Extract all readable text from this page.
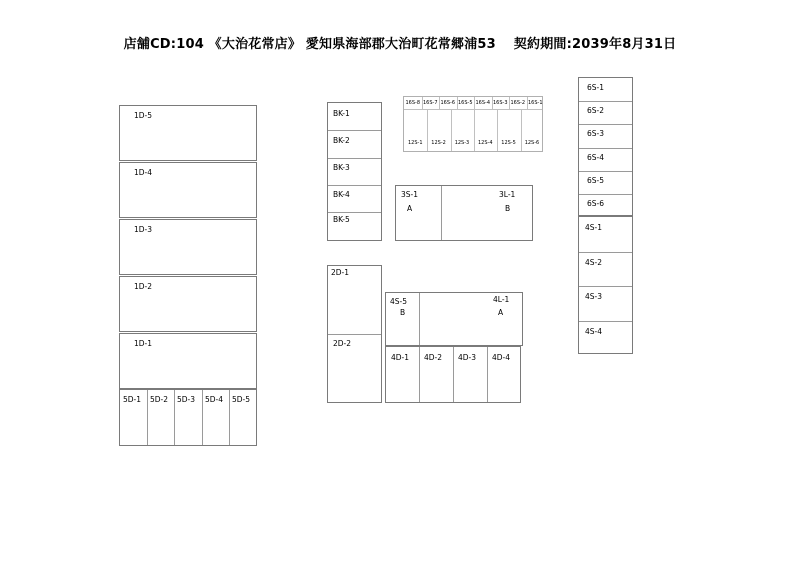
店舗CD:104 《大治花常店》 愛知県海部郡大治町花常郷浦53　 契約期間:2039年8月31日
1D-5
1D-4
1D-3
1D-2
1D-1
5D-1 5D-2 5D-3 5D-4 5D-5
BK-1
BK-2
BK-3
BK-4
BK-5
16S-8 16S-7 16S-6 16S-5 16S-4 16S-3 16S-2 16S-1
12S-1 12S-2 12S-3 12S-4 12S-5 12S-6
3S-1
A
3L-1
B
2D-1
2D-2
4S-5
B
4L-1
A
4D-1 4D-2 4D-3 4D-4
6S-1
6S-2
6S-3
6S-4
6S-5
6S-6
4S-1
4S-2
4S-3
4S-4
